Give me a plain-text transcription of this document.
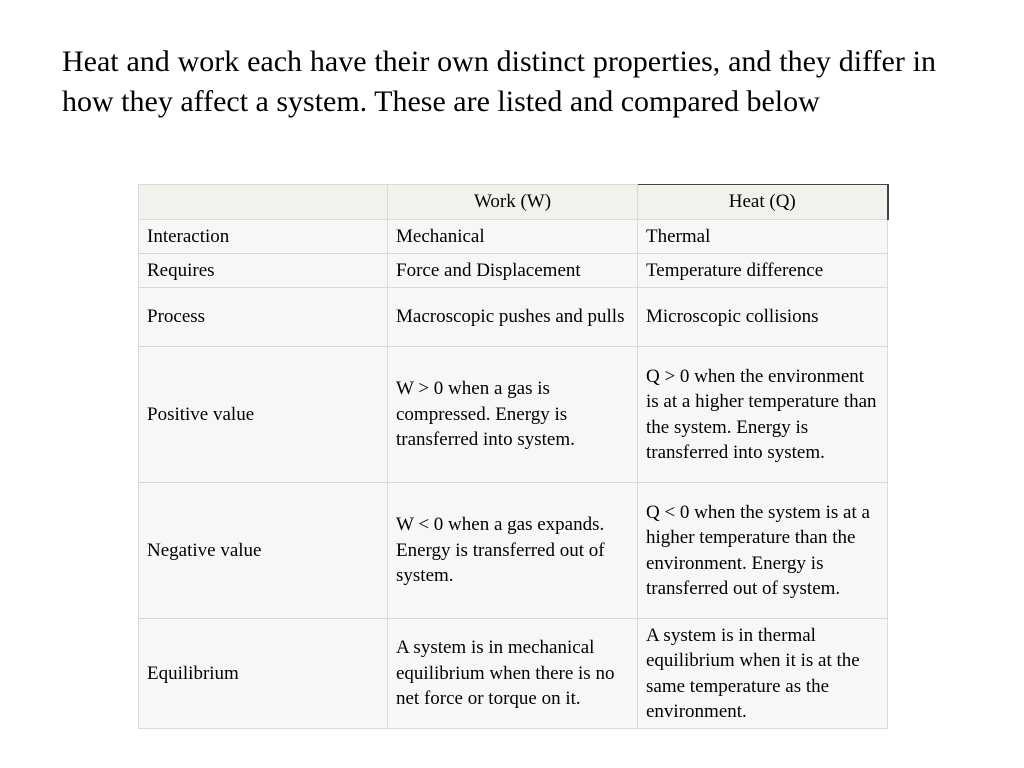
Heat and work each have their own distinct properties, and they differ in how they affect a system. These are listed and compared below

	Work (W)	Heat (Q)
Interaction	Mechanical	Thermal
Requires	Force and Displacement	Temperature difference
Process	Macroscopic pushes and pulls	Microscopic collisions
Positive value	W > 0 when a gas is compressed. Energy is transferred into system.	Q > 0 when the environment is at a higher temperature than the system. Energy is transferred into system.
Negative value	W < 0 when a gas expands. Energy is transferred out of system.	Q < 0 when the system is at a higher temperature than the environment. Energy is transferred out of system.
Equilibrium	A system is in mechanical equilibrium when there is no net force or torque on it.	A system is in thermal equilibrium when it is at the same temperature as the environment.
